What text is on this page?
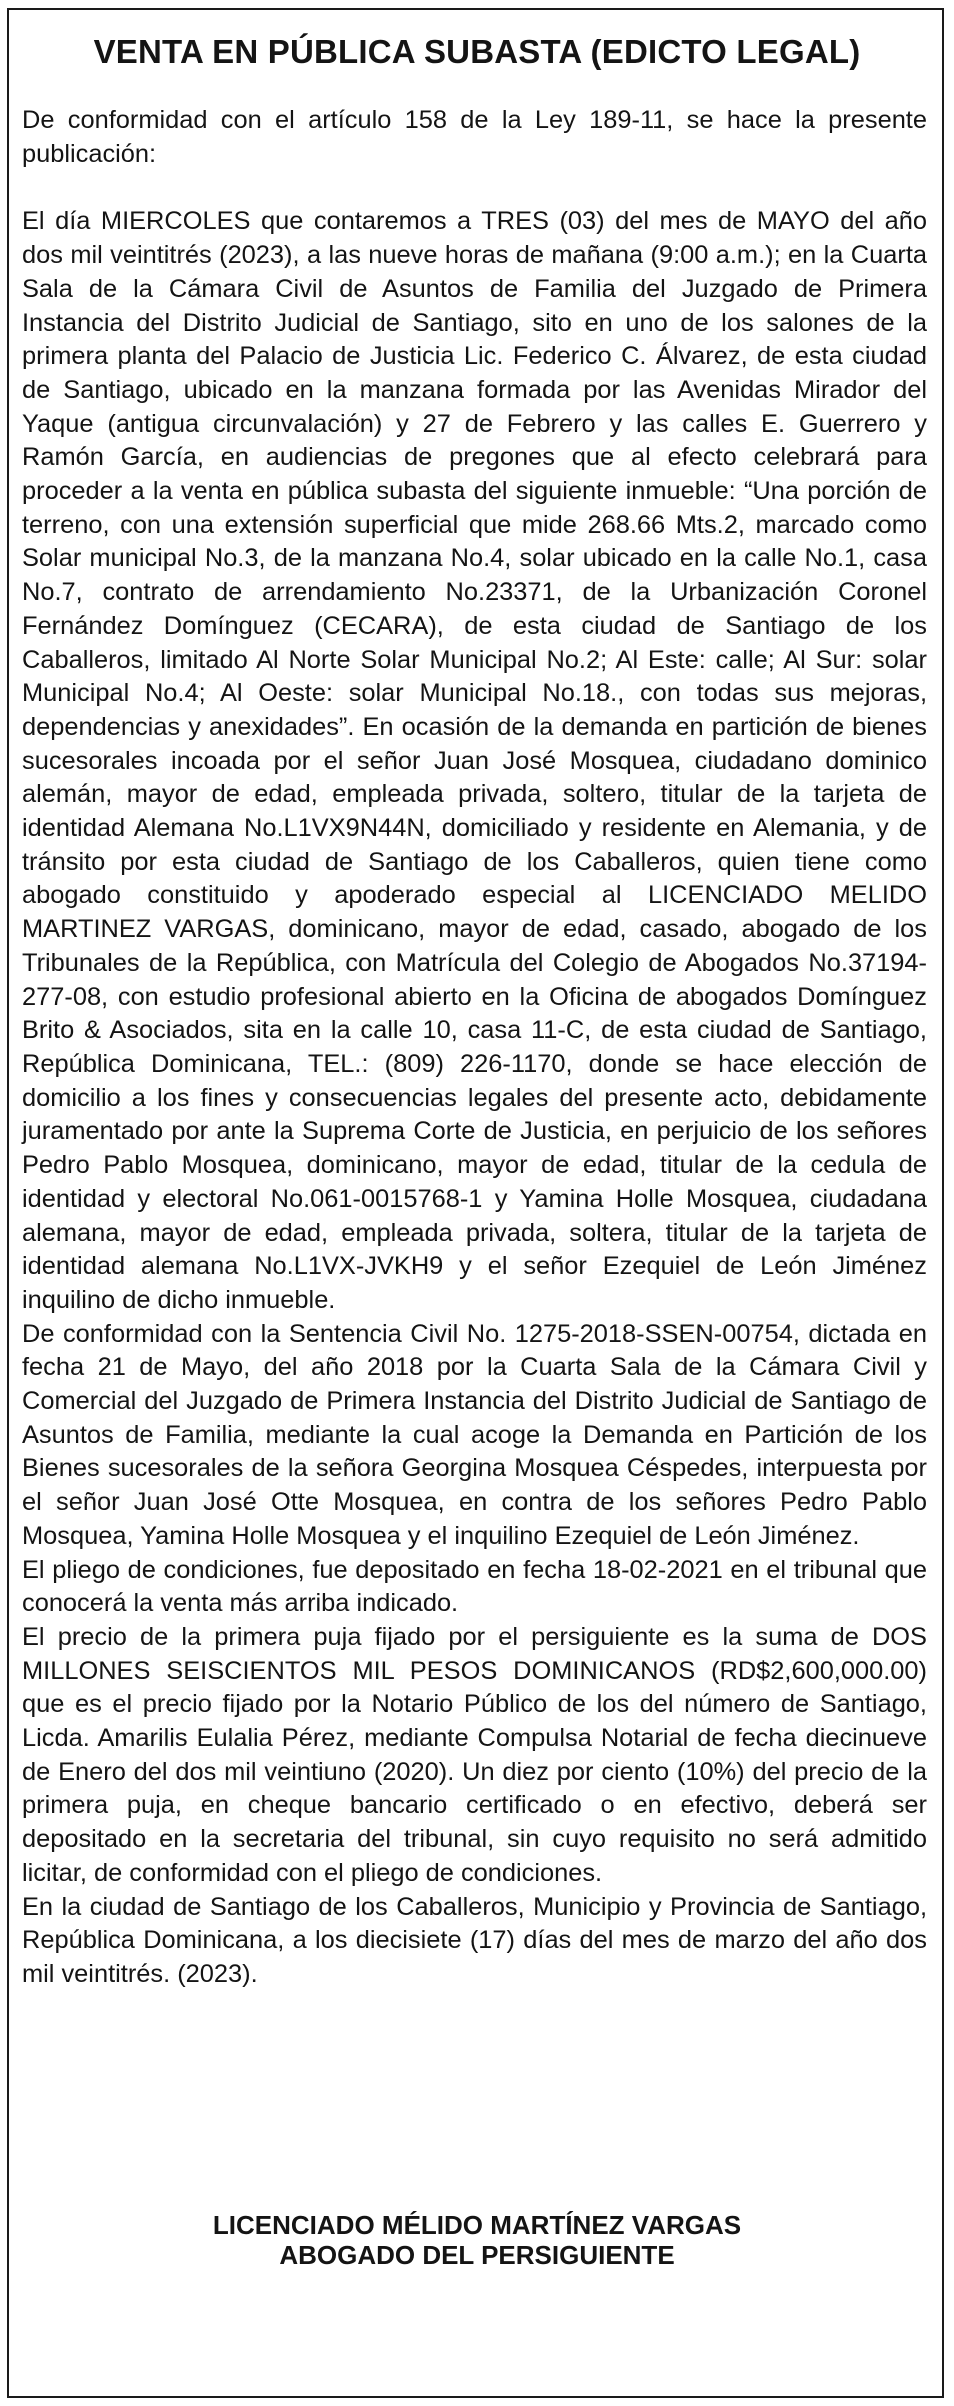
VENTA EN PÚBLICA SUBASTA (EDICTO LEGAL)

De conformidad con el artículo 158 de la Ley 189-11, se hace la presente publicación:

El día MIERCOLES que contaremos a TRES (03) del mes de MAYO del año dos mil veintitrés (2023), a las nueve horas de mañana (9:00 a.m.); en la Cuarta Sala de la Cámara Civil de Asuntos de Familia del Juzgado de Primera Instancia del Distrito Judicial de Santiago, sito en uno de los salones de la primera planta del Palacio de Justicia Lic. Federico C. Álvarez, de esta ciudad de Santiago, ubicado en la manzana formada por las Avenidas Mirador del Yaque (antigua circunvalación) y 27 de Febrero y las calles E. Guerrero y Ramón García, en audiencias de pregones que al efecto celebrará para proceder a la venta en pública subasta del siguiente inmueble: “Una porción de terreno, con una extensión superficial que mide 268.66 Mts.2, marcado como Solar municipal No.3, de la manzana No.4, solar ubicado en la calle No.1, casa No.7, contrato de arrendamiento No.23371, de la Urbanización Coronel Fernández Domínguez (CECARA), de esta ciudad de Santiago de los Caballeros, limitado Al Norte Solar Municipal No.2; Al Este: calle; Al Sur: solar Municipal No.4; Al Oeste: solar Municipal No.18., con todas sus mejoras, dependencias y anexidades”. En ocasión de la demanda en partición de bienes sucesorales incoada por el señor Juan José Mosquea, ciudadano dominico alemán, mayor de edad, empleada privada, soltero, titular de la tarjeta de identidad Alemana No.L1VX9N44N, domiciliado y residente en Alemania, y de tránsito por esta ciudad de Santiago de los Caballeros, quien tiene como abogado constituido y apoderado especial al LICENCIADO MELIDO MARTINEZ VARGAS, dominicano, mayor de edad, casado, abogado de los Tribunales de la República, con Matrícula del Colegio de Abogados No.37194-277-08, con estudio profesional abierto en la Oficina de abogados Domínguez Brito & Asociados, sita en la calle 10, casa 11-C, de esta ciudad de Santiago, República Dominicana, TEL.: (809) 226-1170, donde se hace elección de domicilio a los fines y consecuencias legales del presente acto, debidamente juramentado por ante la Suprema Corte de Justicia, en perjuicio de los señores Pedro Pablo Mosquea, dominicano, mayor de edad, titular de la cedula de identidad y electoral No.061-0015768-1 y Yamina Holle Mosquea, ciudadana alemana, mayor de edad, empleada privada, soltera, titular de la tarjeta de identidad alemana No.L1VX-JVKH9 y el señor Ezequiel de León Jiménez inquilino de dicho inmueble.

De conformidad con la Sentencia Civil No. 1275-2018-SSEN-00754, dictada en fecha 21 de Mayo, del año 2018 por la Cuarta Sala de la Cámara Civil y Comercial del Juzgado de Primera Instancia del Distrito Judicial de Santiago de Asuntos de Familia, mediante la cual acoge la Demanda en Partición de los Bienes sucesorales de la señora Georgina Mosquea Céspedes, interpuesta por el señor Juan José Otte Mosquea, en contra de los señores Pedro Pablo Mosquea, Yamina Holle Mosquea y el inquilino Ezequiel de León Jiménez.

El pliego de condiciones, fue depositado en fecha 18-02-2021 en el tribunal que conocerá la venta más arriba indicado.

El precio de la primera puja fijado por el persiguiente es la suma de DOS MILLONES SEISCIENTOS MIL PESOS DOMINICANOS (RD$2,600,000.00) que es el precio fijado por la Notario Público de los del número de Santiago, Licda. Amarilis Eulalia Pérez, mediante Compulsa Notarial de fecha diecinueve de Enero del dos mil veintiuno (2020). Un diez por ciento (10%) del precio de la primera puja, en cheque bancario certificado o en efectivo, deberá ser depositado en la secretaria del tribunal, sin cuyo requisito no será admitido licitar, de conformidad con el pliego de condiciones.

En la ciudad de Santiago de los Caballeros, Municipio y Provincia de Santiago, República Dominicana, a los diecisiete (17) días del mes de marzo del año dos mil veintitrés. (2023).

LICENCIADO MÉLIDO MARTÍNEZ VARGAS
ABOGADO DEL PERSIGUIENTE
